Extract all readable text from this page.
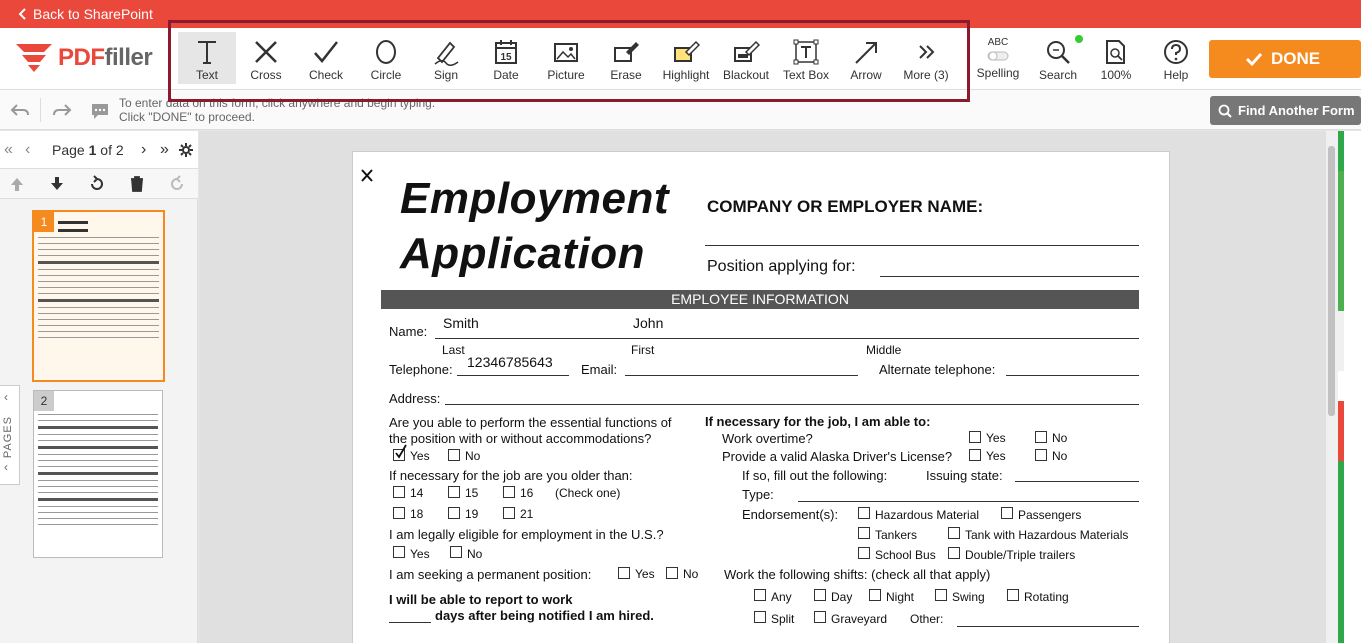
Back to SharePoint
PDFfiller
Text	Cross	Check	Circle	Sign
15
Date	Picture	Erase	Highlight	Blackout	Text Box	Arrow	More (3)
ABC
Spelling	Search	100%	Help
DONE
To enter data on this form, click anywhere and begin typing.
Click "DONE" to proceed.	Find Another Form
« ‹ Page 1 of 2 › »
1
2
‹
PAGES
‹
Employment
Application
COMPANY OR EMPLOYER NAME:
Position applying for:
EMPLOYEE INFORMATION
Name:
Smith	John
Last	First	Middle
Telephone: 12346785643 Email:	Alternate telephone:
Address:
Are you able to perform the essential functions of
the position with or without accommodations?
Yes	No
If necessary for the job are you older than:
14	15	16 (Check one)
18	19	21
I am legally eligible for employment in the U.S.?
Yes	No
I am seeking a permanent position:	Yes No
I will be able to report to work
days after being notified I am hired.
If necessary for the job, I am able to:
Work overtime?	Yes	No
Provide a valid Alaska Driver's License?	Yes	No
If so, fill out the following:	Issuing state:
Type:
Endorsement(s):	Hazardous Material	Passengers
Tankers	Tank with Hazardous Materials
School Bus Double/Triple trailers
Work the following shifts: (check all that apply)
Any	Day	Night	Swing	Rotating
Split	Graveyard Other:
